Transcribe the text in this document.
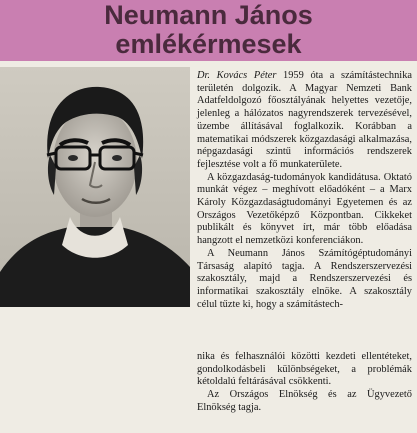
Neumann János
emlékérmesek

Dr. Kovács Péter 1959 óta a számítástechnika területén dolgozik. A Magyar Nemzeti Bank Adatfeldolgozó főosztályának helyettes vezetője, jelenleg a hálózatos nagyrendszerek tervezésével, üzembe állításával foglalkozik. Korábban a matematikai módszerek közgazdasági alkalmazása, népgazdasági szintű információs rendszerek fejlesztése volt a fő munkaterülete.

A közgazdaság-tudományok kandidátusa. Oktató munkát végez – meghívott előadóként – a Marx Károly Közgazdaságtudományi Egyetemen és az Országos Vezetőképző Központban. Cikkeket publikált és könyvet írt, már több előadása hangzott el nemzetközi konferenciákon.

A Neumann János Számítógéptudományi Társaság alapító tagja. A Rendszerszervezési szakosztály, majd a Rendszerszervezési és informatikai szakosztály elnöke. A szakosztály célul tűzte ki, hogy a számítástech-

nika és felhasználói közötti kezdeti ellentéteket, gondolkodásbeli különbségeket, a problémák kétoldalú feltárásával csökkenti.

Az Országos Elnökség és az Ügyvezető Elnökség tagja.
